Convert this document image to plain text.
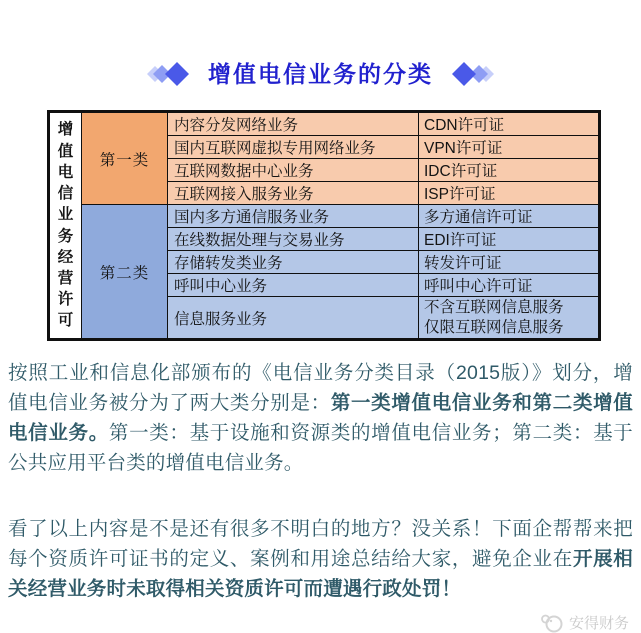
增值电信业务的分类
增值电信业务经营许可	第一类	内容分发网络业务	CDN许可证
		国内互联网虚拟专用网络业务	VPN许可证
		互联网数据中心业务	IDC许可证
		互联网接入服务业务	ISP许可证
	第二类	国内多方通信服务业务	多方通信许可证
		在线数据处理与交易业务	EDI许可证
		存储转发类业务	转发许可证
		呼叫中心业务	呼叫中心许可证
		信息服务业务	不含互联网信息服务
仅限互联网信息服务

按照工业和信息化部颁布的《电信业务分类目录（2015版）》划分，增值电信业务被分为了两大类分别是：第一类增值电信业务和第二类增值电信业务。第一类：基于设施和资源类的增值电信业务；第二类：基于公共应用平台类的增值电信业务。

看了以上内容是不是还有很多不明白的地方？没关系！下面企帮帮来把每个资质许可证书的定义、案例和用途总结给大家，避免企业在开展相关经营业务时未取得相关资质许可而遭遇行政处罚！

安得财务
